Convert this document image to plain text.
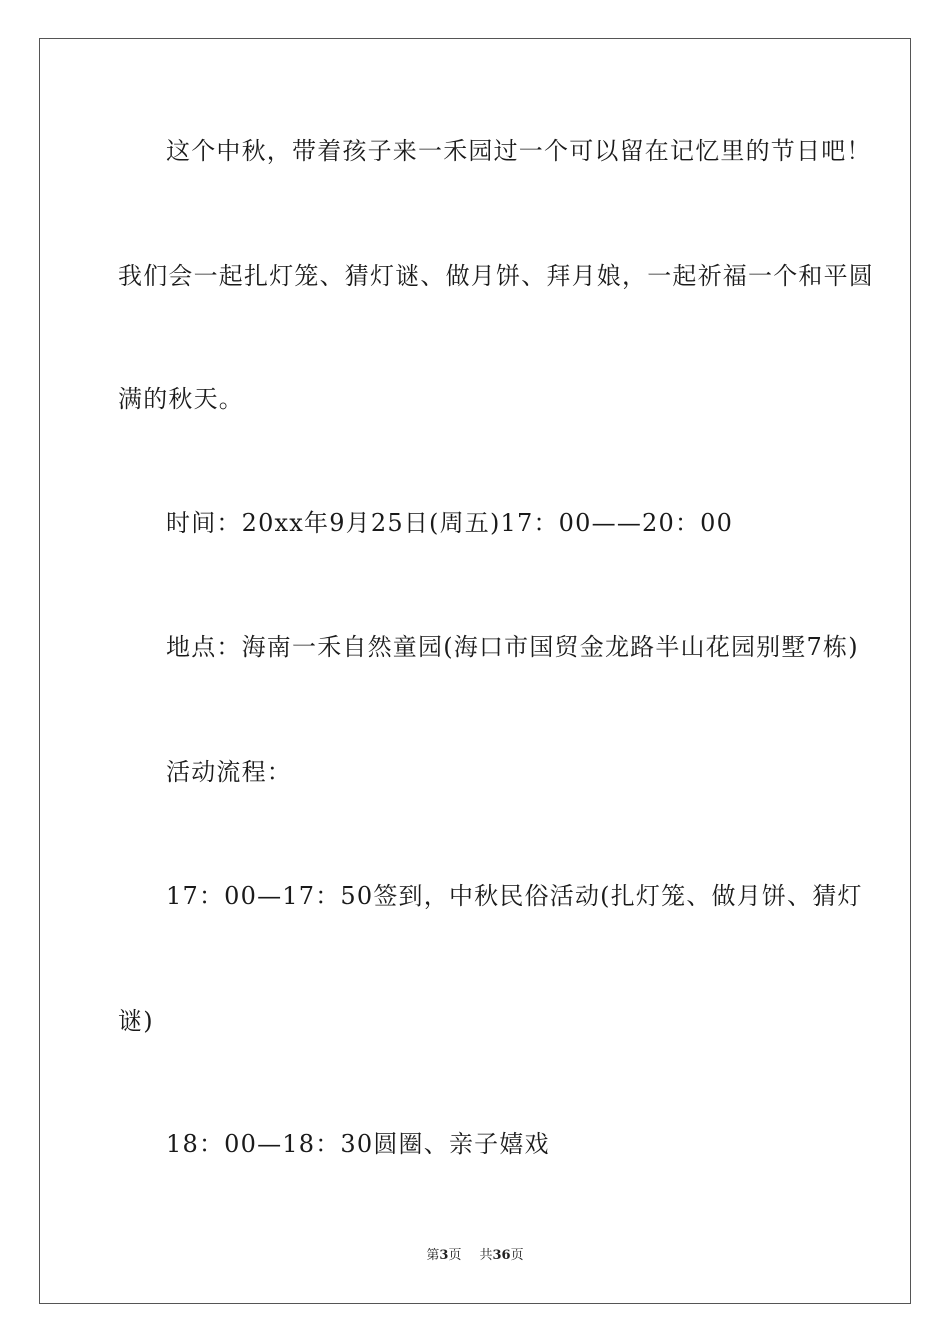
这个中秋，带着孩子来一禾园过一个可以留在记忆里的节日吧！
我们会一起扎灯笼、猜灯谜、做月饼、拜月娘，一起祈福一个和平圆
满的秋天。
时间：20xx年9月25日(周五)17：00——20：00
地点：海南一禾自然童园(海口市国贸金龙路半山花园别墅7栋)
活动流程：
17：00—17：50签到，中秋民俗活动(扎灯笼、做月饼、猜灯
谜)
18：00—18：30圆圈、亲子嬉戏
第3页 共36页
